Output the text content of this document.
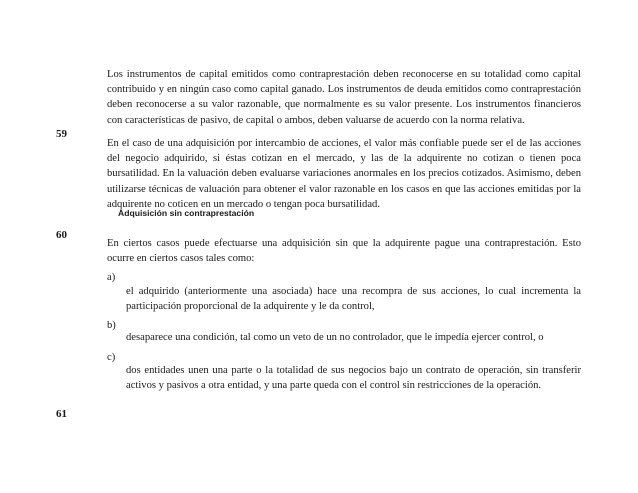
Los instrumentos de capital emitidos como contraprestación deben reconocerse en su totalidad como capital contribuido y en ningún caso como capital ganado. Los instrumentos de deuda emitidos como contraprestación deben reconocerse a su valor razonable, que normalmente es su valor presente. Los instrumentos financieros con características de pasivo, de capital o ambos, deben valuarse de acuerdo con la norma relativa.

59

En el caso de una adquisición por intercambio de acciones, el valor más confiable puede ser el de las acciones del negocio adquirido, si éstas cotizan en el mercado, y las de la adquirente no cotizan o tienen poca bursatilidad. En la valuación deben evaluarse variaciones anormales en los precios cotizados. Asimismo, deben utilizarse técnicas de valuación para obtener el valor razonable en los casos en que las acciones emitidas por la adquirente no coticen en un mercado o tengan poca bursatilidad.

Adquisición sin contraprestación

60

En ciertos casos puede efectuarse una adquisición sin que la adquirente pague una contraprestación. Esto ocurre en ciertos casos tales como:

a)

el adquirido (anteriormente una asociada) hace una recompra de sus acciones, lo cual incrementa la participación proporcional de la adquirente y le da control,

b)

desaparece una condición, tal como un veto de un no controlador, que le impedía ejercer control, o

c)

dos entidades unen una parte o la totalidad de sus negocios bajo un contrato de operación, sin transferir activos y pasivos a otra entidad, y una parte queda con el control sin restricciones de la operación.

61
